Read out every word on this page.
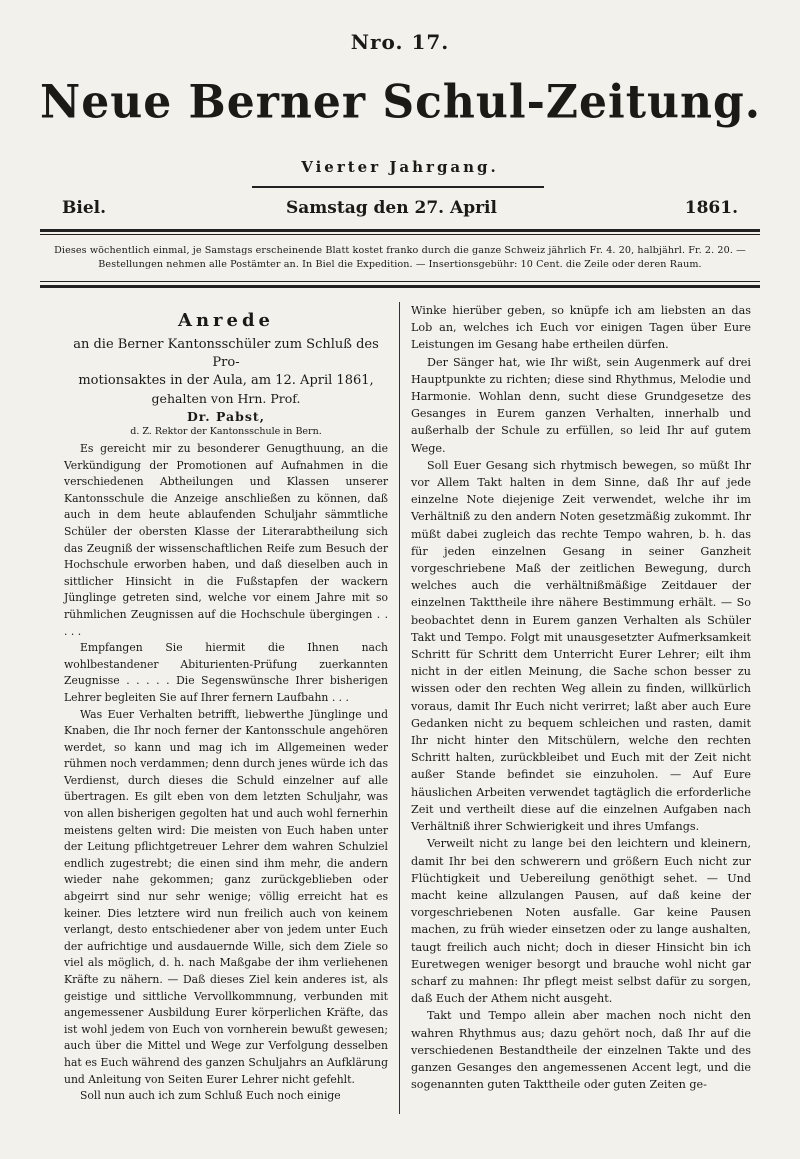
Nro. 17.
Neue Berner Schul-Zeitung.
Vierter Jahrgang.
Biel.	Samstag den 27. April	1861.
Dieses wöchentlich einmal, je Samstags erscheinende Blatt kostet franko durch die ganze Schweiz jährlich Fr. 4. 20, halbjährl. Fr. 2. 20. —
Bestellungen nehmen alle Postämter an. In Biel die Expedition. — Insertionsgebühr: 10 Cent. die Zeile oder deren Raum.
Anrede
an die Berner Kantonsschüler zum Schluß des Pro-
motionsaktes in der Aula, am 12. April 1861,
gehalten von Hrn. Prof.
Dr. Pabst,
d. Z. Rektor der Kantonsschule in Bern.

Es gereicht mir zu besonderer Genugthuung, an die Verkündigung der Promotionen auf Aufnahmen in die verschiedenen Abtheilungen und Klassen unserer Kantonsschule die Anzeige anschließen zu können, daß auch in dem heute ablaufenden Schuljahr sämmtliche Schüler der obersten Klasse der Literarabtheilung sich das Zeugniß der wissenschaftlichen Reife zum Besuch der Hochschule erworben haben, und daß dieselben auch in sittlicher Hinsicht in die Fußstapfen der wackern Jünglinge getreten sind, welche vor einem Jahre mit so rühmlichen Zeugnissen auf die Hochschule übergingen . . . . .

Empfangen Sie hiermit die Ihnen nach wohlbestandener Abiturienten-Prüfung zuerkannten Zeugnisse . . . . . Die Segenswünsche Ihrer bisherigen Lehrer begleiten Sie auf Ihrer fernern Laufbahn . . .

Was Euer Verhalten betrifft, liebwerthe Jünglinge und Knaben, die Ihr noch ferner der Kantonsschule angehören werdet, so kann und mag ich im Allgemeinen weder rühmen noch verdammen; denn durch jenes würde ich das Verdienst, durch dieses die Schuld einzelner auf alle übertragen. Es gilt eben von dem letzten Schuljahr, was von allen bisherigen gegolten hat und auch wohl fernerhin meistens gelten wird: Die meisten von Euch haben unter der Leitung pflichtgetreuer Lehrer dem wahren Schulziel endlich zugestrebt; die einen sind ihm mehr, die andern wieder nahe gekommen; ganz zurückgeblieben oder abgeirrt sind nur sehr wenige; völlig erreicht hat es keiner. Dies letztere wird nun freilich auch von keinem verlangt, desto entschiedener aber von jedem unter Euch der aufrichtige und ausdauernde Wille, sich dem Ziele so viel als möglich, d. h. nach Maßgabe der ihm verliehenen Kräfte zu nähern. — Daß dieses Ziel kein anderes ist, als geistige und sittliche Vervollkommnung, verbunden mit angemessener Ausbildung Eurer körperlichen Kräfte, das ist wohl jedem von Euch von vornherein bewußt gewesen; auch über die Mittel und Wege zur Verfolgung desselben hat es Euch während des ganzen Schuljahrs an Aufklärung und Anleitung von Seiten Eurer Lehrer nicht gefehlt.

Soll nun auch ich zum Schluß Euch noch einige

Winke hierüber geben, so knüpfe ich am liebsten an das Lob an, welches ich Euch vor einigen Tagen über Eure Leistungen im Gesang habe ertheilen dürfen.

Der Sänger hat, wie Ihr wißt, sein Augenmerk auf drei Hauptpunkte zu richten; diese sind Rhythmus, Melodie und Harmonie. Wohlan denn, sucht diese Grundgesetze des Gesanges in Eurem ganzen Verhalten, innerhalb und außerhalb der Schule zu erfüllen, so leid Ihr auf gutem Wege.

Soll Euer Gesang sich rhytmisch bewegen, so müßt Ihr vor Allem Takt halten in dem Sinne, daß Ihr auf jede einzelne Note diejenige Zeit verwendet, welche ihr im Verhältniß zu den andern Noten gesetzmäßig zukommt. Ihr müßt dabei zugleich das rechte Tempo wahren, b. h. das für jeden einzelnen Gesang in seiner Ganzheit vorgeschriebene Maß der zeitlichen Bewegung, durch welches auch die verhältnißmäßige Zeitdauer der einzelnen Takttheile ihre nähere Bestimmung erhält. — So beobachtet denn in Eurem ganzen Verhalten als Schüler Takt und Tempo. Folgt mit unausgesetzter Aufmerksamkeit Schritt für Schritt dem Unterricht Eurer Lehrer; eilt ihm nicht in der eitlen Meinung, die Sache schon besser zu wissen oder den rechten Weg allein zu finden, willkürlich voraus, damit Ihr Euch nicht verirret; laßt aber auch Eure Gedanken nicht zu bequem schleichen und rasten, damit Ihr nicht hinter den Mitschülern, welche den rechten Schritt halten, zurückbleibet und Euch mit der Zeit nicht außer Stande befindet sie einzuholen. — Auf Eure häuslichen Arbeiten verwendet tagtäglich die erforderliche Zeit und vertheilt diese auf die einzelnen Aufgaben nach Verhältniß ihrer Schwierigkeit und ihres Umfangs.

Verweilt nicht zu lange bei den leichtern und kleinern, damit Ihr bei den schwerern und größern Euch nicht zur Flüchtigkeit und Uebereilung genöthigt sehet. — Und macht keine allzulangen Pausen, auf daß keine der vorgeschriebenen Noten ausfalle. Gar keine Pausen machen, zu früh wieder einsetzen oder zu lange aushalten, taugt freilich auch nicht; doch in dieser Hinsicht bin ich Euretwegen weniger besorgt und brauche wohl nicht gar scharf zu mahnen: Ihr pflegt meist selbst dafür zu sorgen, daß Euch der Athem nicht ausgeht.

Takt und Tempo allein aber machen noch nicht den wahren Rhythmus aus; dazu gehört noch, daß Ihr auf die verschiedenen Bestandtheile der einzelnen Takte und des ganzen Gesanges den angemessenen Accent legt, und die sogenannten guten Takttheile oder guten Zeiten ge-
